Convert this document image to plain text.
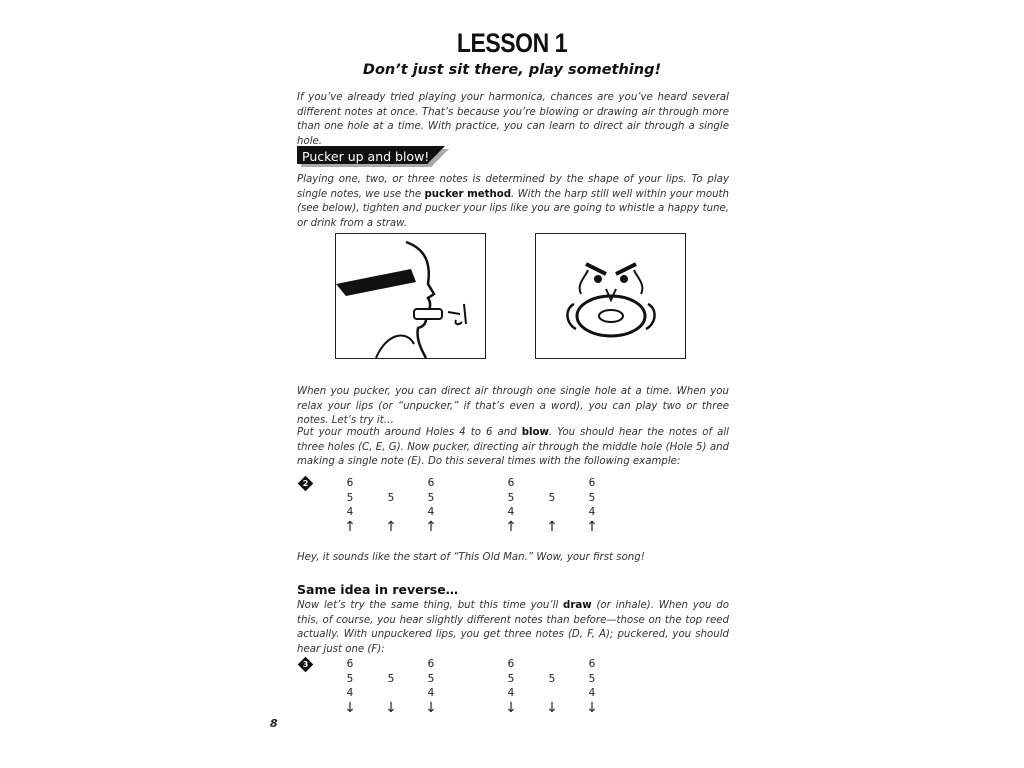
LESSON 1
Don’t just sit there, play something!
If you’ve already tried playing your harmonica, chances are you’ve heard several different notes at once. That’s because you’re blowing or drawing air through more than one hole at a time. With practice, you can learn to direct air through a single hole.
Pucker up and blow!
Playing one, two, or three notes is determined by the shape of your lips. To play single notes, we use the pucker method. With the harp still well within your mouth (see below), tighten and pucker your lips like you are going to whistle a happy tune, or drink from a straw.
When you pucker, you can direct air through one single hole at a time. When you relax your lips (or “unpucker,” if that’s even a word), you can play two or three notes. Let’s try it…
Put your mouth around Holes 4 to 6 and blow. You should hear the notes of all three holes (C, E, G). Now pucker, directing air through the middle hole (Hole 5) and making a single note (E). Do this several times with the following example:
2	6
5
4
↑

5

↑
6
5
4
↑
6
5
4
↑

5

↑
6
5
4
↑
Hey, it sounds like the start of “This Old Man.” Wow, your first song!
Same idea in reverse…
Now let’s try the same thing, but this time you’ll draw (or inhale). When you do this, of course, you hear slightly different notes than before—those on the top reed actually. With unpuckered lips, you get three notes (D, F, A); puckered, you should hear just one (F):
3	6
5
4
↓

5

↓
6
5
4
↓
6
5
4
↓

5

↓
6
5
4
↓
8
